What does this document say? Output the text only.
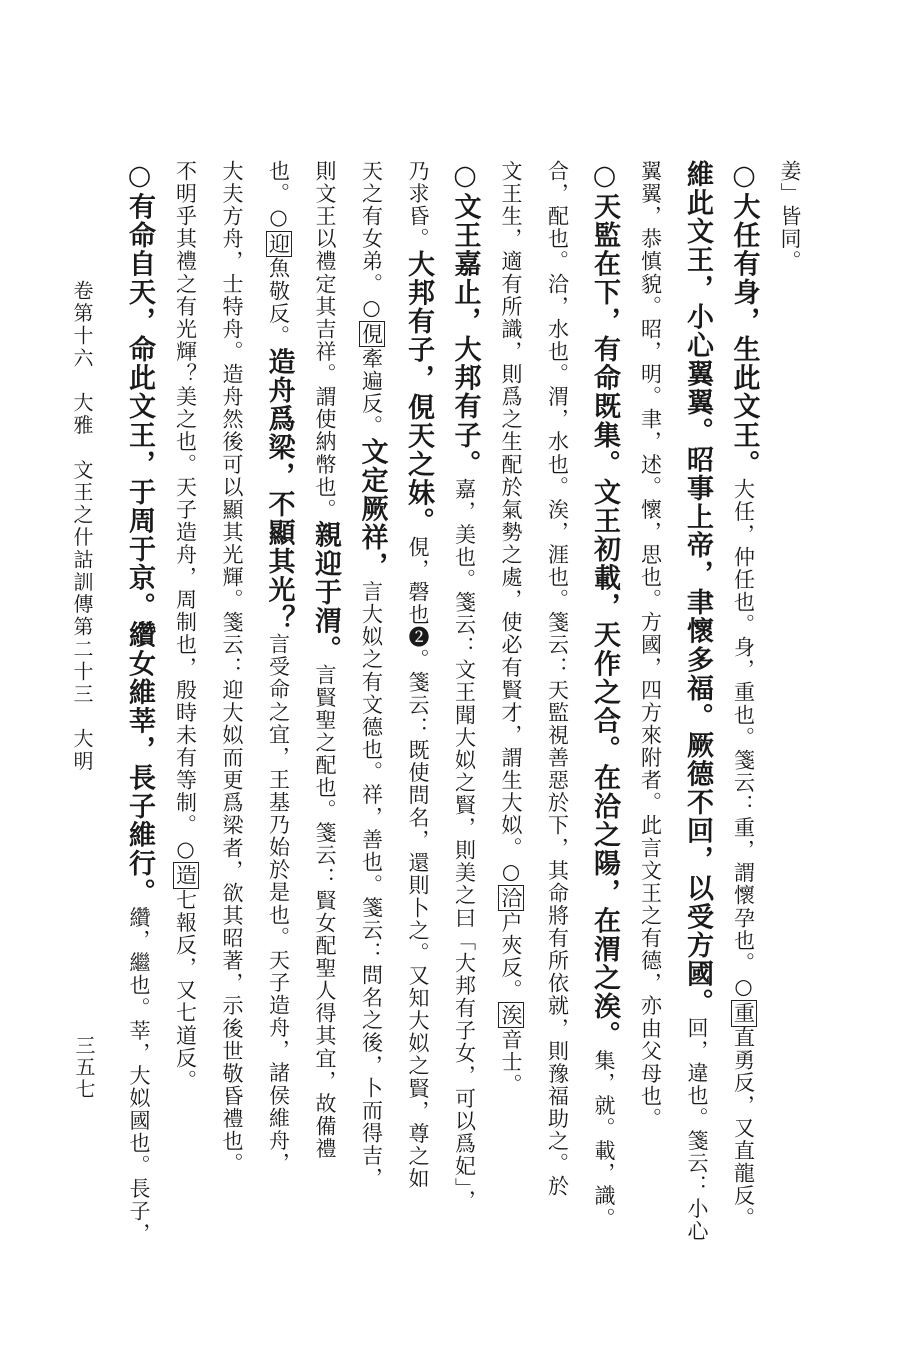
卷第十六　大雅　文王之什詁訓傳第二十三　大明
三五七
姜」皆同。
○大任有身，生此文王。大任，仲任也。身，重也。箋云：重，謂懷孕也。○重直勇反，又直龍反。
維此文王，小心翼翼。昭事上帝，聿懷多福。厥德不回，以受方國。回，違也。箋云：小心
翼翼，恭慎貌。昭，明。聿，述。懷，思也。方國，四方來附者。此言文王之有德，亦由父母也。
○天監在下，有命既集。文王初載，天作之合。在洽之陽，在渭之涘。集，就。載，識。
合，配也。洽，水也。渭，水也。涘，涯也。箋云：天監視善惡於下，其命將有所依就，則豫福助之。於
文王生，適有所識，則爲之生配於氣勢之處，使必有賢才，謂生大姒。○洽户夾反。涘音士。
○文王嘉止，大邦有子。嘉，美也。箋云：文王聞大姒之賢，則美之曰「大邦有子女，可以爲妃」，
乃求昏。大邦有子，俔天之妹。俔，磬也❷。箋云：既使問名，還則卜之。又知大姒之賢，尊之如
天之有女弟。○俔牽遍反。文定厥祥，言大姒之有文德也。祥，善也。箋云：問名之後，卜而得吉，
則文王以禮定其吉祥。謂使納幣也。親迎于渭。言賢聖之配也。箋云：賢女配聖人得其宜，故備禮
也。○迎魚敬反。造舟爲梁，不顯其光？言受命之宜，王基乃始於是也。天子造舟，諸侯維舟，
大夫方舟，士特舟。造舟然後可以顯其光輝。箋云：迎大姒而更爲梁者，欲其昭著，示後世敬昏禮也。
不明乎其禮之有光輝？美之也。天子造舟，周制也，殷時未有等制。○造七報反，又七道反。
○有命自天，命此文王，于周于京。纘女維莘，長子維行。纘，繼也。莘，大姒國也。長子，
